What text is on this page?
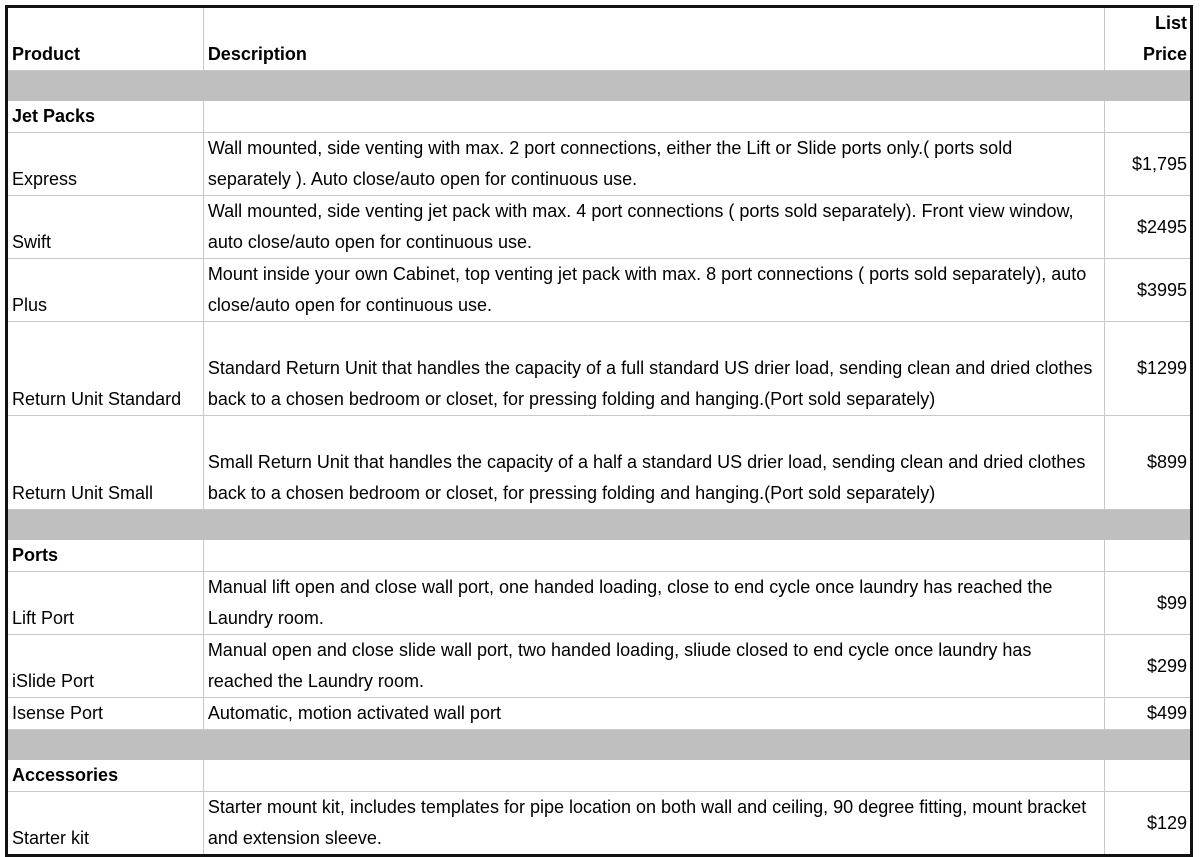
Product	Description	List Price

Jet Packs		
Express	Wall mounted, side venting with max. 2 port connections, either the Lift or Slide ports only.( ports sold separately ). Auto close/auto open for continuous use.	$1,795
Swift	Wall mounted, side venting jet pack with max. 4 port connections ( ports sold separately). Front view window, auto close/auto open for continuous use.	$2495
Plus	Mount inside your own Cabinet, top venting jet pack with max. 8 port connections ( ports sold separately), auto close/auto open for continuous use.	$3995
Return Unit Standard	Standard Return Unit that handles the capacity of a full standard US drier load, sending clean and dried clothes back to a chosen bedroom or closet, for pressing folding and hanging.(Port sold separately)	$1299
Return Unit Small	Small Return Unit that handles the capacity of a half a standard US drier load, sending clean and dried clothes back to a chosen bedroom or closet, for pressing folding and hanging.(Port sold separately)	$899

Ports		
Lift Port	Manual lift open and close wall port, one handed loading, close to end cycle once laundry has reached the Laundry room.	$99
iSlide Port	Manual open and close slide wall port, two handed loading, sliude closed to end cycle once laundry has reached the Laundry room.	$299
Isense Port	Automatic, motion activated wall port	$499

Accessories		
Starter kit	Starter mount kit, includes templates for pipe location on both wall and ceiling, 90 degree fitting, mount bracket and extension sleeve.	$129
